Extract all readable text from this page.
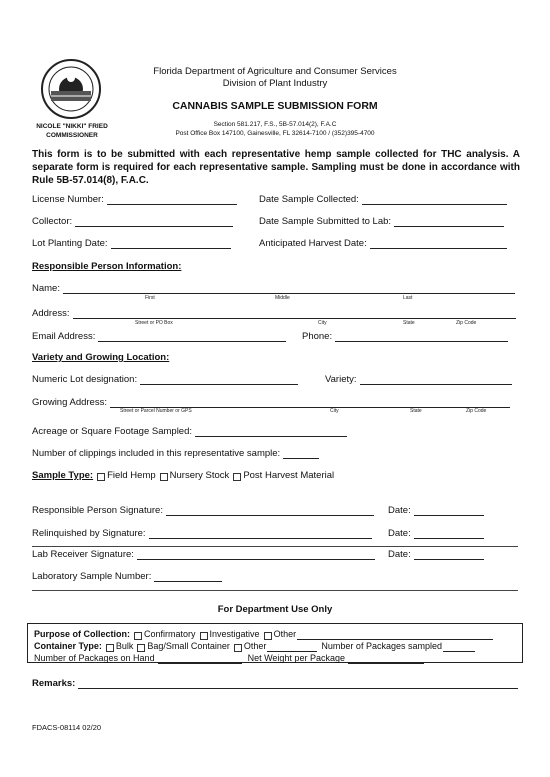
Florida Department of Agriculture and Consumer Services
Division of Plant Industry
NICOLE "NIKKI" FRIED
COMMISSIONER
CANNABIS SAMPLE SUBMISSION FORM
Section 581.217, F.S., 5B-57.014(2), F.A.C
Post Office Box 147100, Gainesville, FL 32614-7100 / (352)395-4700
This form is to be submitted with each representative hemp sample collected for THC analysis. A separate form is required for each representative sample. Sampling must be done in accordance with Rule 5B-57.014(8), F.A.C.
License Number:	Date Sample Collected:
Collector:	Date Sample Submitted to Lab:
Lot Planting Date:	Anticipated Harvest Date:
Responsible Person Information:
Name:
First	Middle	Last
Address:
Street or PO Box	City	State	Zip Code
Email Address:	Phone:
Variety and Growing Location:
Numeric Lot designation:	Variety:
Growing Address:
Street or Parcel Number or GPS	City	State	Zip Code
Acreage or Square Footage Sampled:
Number of clippings included in this representative sample:
Sample Type: Field Hemp Nursery Stock Post Harvest Material
Responsible Person Signature:	Date:
Relinquished by Signature:	Date:
Lab Receiver Signature:	Date:
Laboratory Sample Number:
For Department Use Only
Purpose of Collection: Confirmatory Investigative Other
Container Type: Bulk Bag/Small Container Other	Number of Packages sampled
Number of Packages on Hand	Net Weight per Package
Remarks:
FDACS-08114 02/20
